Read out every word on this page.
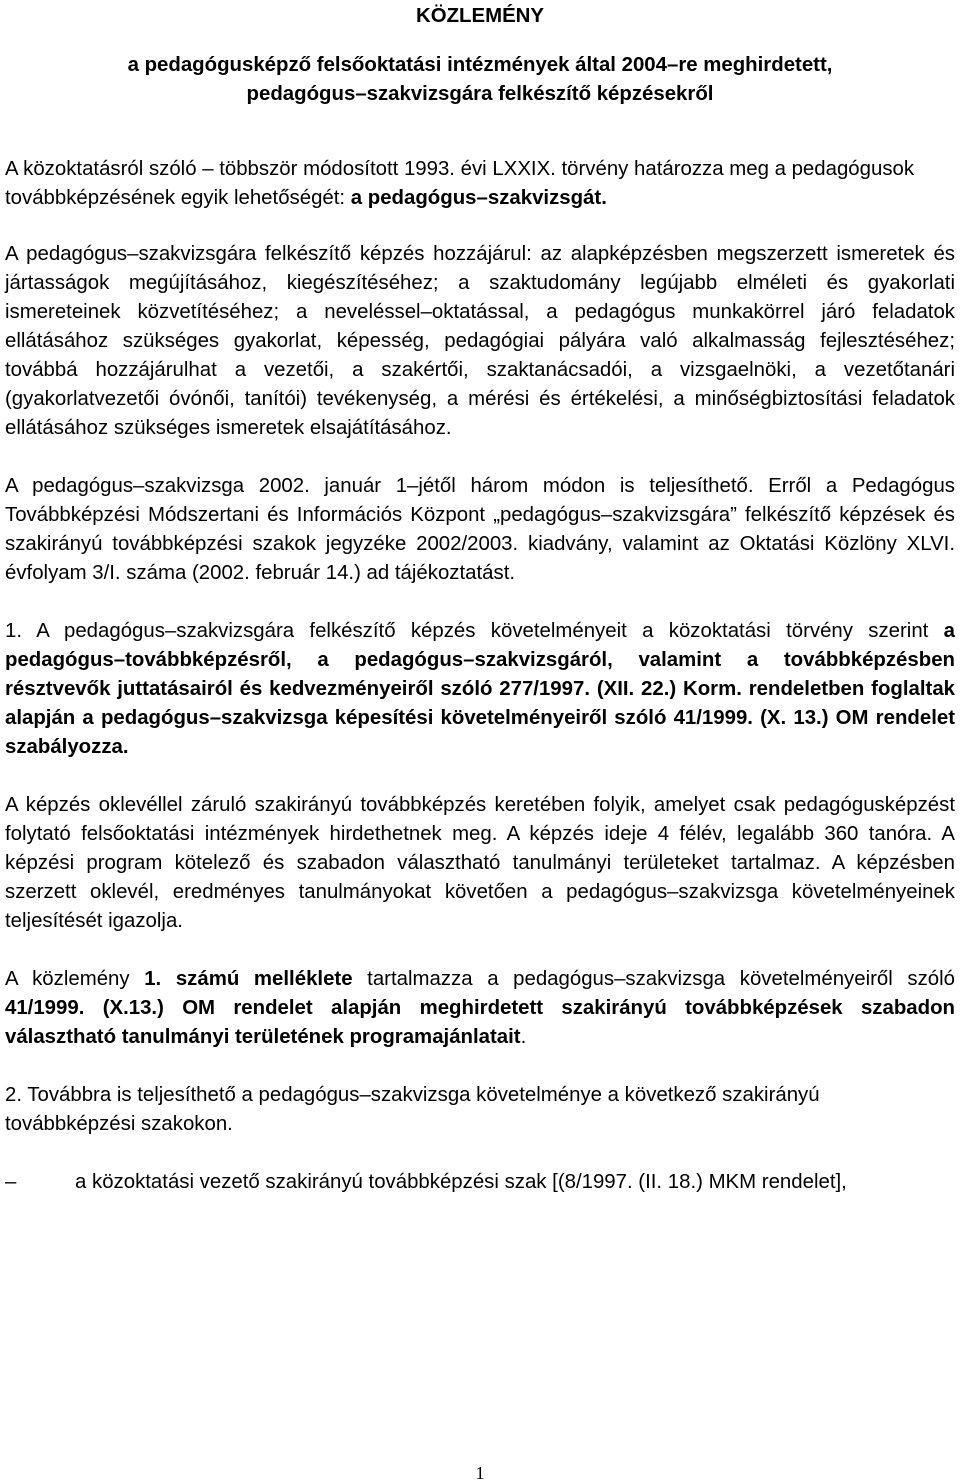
KÖZLEMÉNY
a pedagógusképző felsőoktatási intézmények által 2004–re meghirdetett,
pedagógus–szakvizsgára felkészítő képzésekről

A közoktatásról szóló – többször módosított 1993. évi LXXIX. törvény határozza meg a pedagógusok továbbképzésének egyik lehetőségét: a pedagógus–szakvizsgát.

A pedagógus–szakvizsgára felkészítő képzés hozzájárul: az alapképzésben megszerzett ismeretek és jártasságok megújításához, kiegészítéséhez; a szaktudomány legújabb elméleti és gyakorlati ismereteinek közvetítéséhez; a neveléssel–oktatással, a pedagógus munkakörrel járó feladatok ellátásához szükséges gyakorlat, képesség, pedagógiai pályára való alkalmasság fejlesztéséhez; továbbá hozzájárulhat a vezetői, a szakértői, szaktanácsadói, a vizsgaelnöki, a vezetőtanári (gyakorlatvezetői óvónői, tanítói) tevékenység, a mérési és értékelési, a minőségbiztosítási feladatok ellátásához szükséges ismeretek elsajátításához.

A pedagógus–szakvizsga 2002. január 1–jétől három módon is teljesíthető. Erről a Pedagógus Továbbképzési Módszertani és Információs Központ „pedagógus–szakvizsgára” felkészítő képzések és szakirányú továbbképzési szakok jegyzéke 2002/2003. kiadvány, valamint az Oktatási Közlöny XLVI. évfolyam 3/I. száma (2002. február 14.) ad tájékoztatást.

1. A pedagógus–szakvizsgára felkészítő képzés követelményeit a közoktatási törvény szerint a pedagógus–továbbképzésről, a pedagógus–szakvizsgáról, valamint a továbbképzésben résztvevők juttatásairól és kedvezményeiről szóló 277/1997. (XII. 22.) Korm. rendeletben foglaltak alapján a pedagógus–szakvizsga képesítési követelményeiről szóló 41/1999. (X. 13.) OM rendelet szabályozza.

A képzés oklevéllel záruló szakirányú továbbképzés keretében folyik, amelyet csak pedagógusképzést folytató felsőoktatási intézmények hirdethetnek meg. A képzés ideje 4 félév, legalább 360 tanóra. A képzési program kötelező és szabadon választható tanulmányi területeket tartalmaz. A képzésben szerzett oklevél, eredményes tanulmányokat követően a pedagógus–szakvizsga követelményeinek teljesítését igazolja.

A közlemény 1. számú melléklete tartalmazza a pedagógus–szakvizsga követelményeiről szóló 41/1999. (X.13.) OM rendelet alapján meghirdetett szakirányú továbbképzések szabadon választható tanulmányi területének programajánlatait.

2. Továbbra is teljesíthető a pedagógus–szakvizsga követelménye a következő szakirányú továbbképzési szakokon.

–	a közoktatási vezető szakirányú továbbképzési szak [(8/1997. (II. 18.) MKM rendelet],
1
